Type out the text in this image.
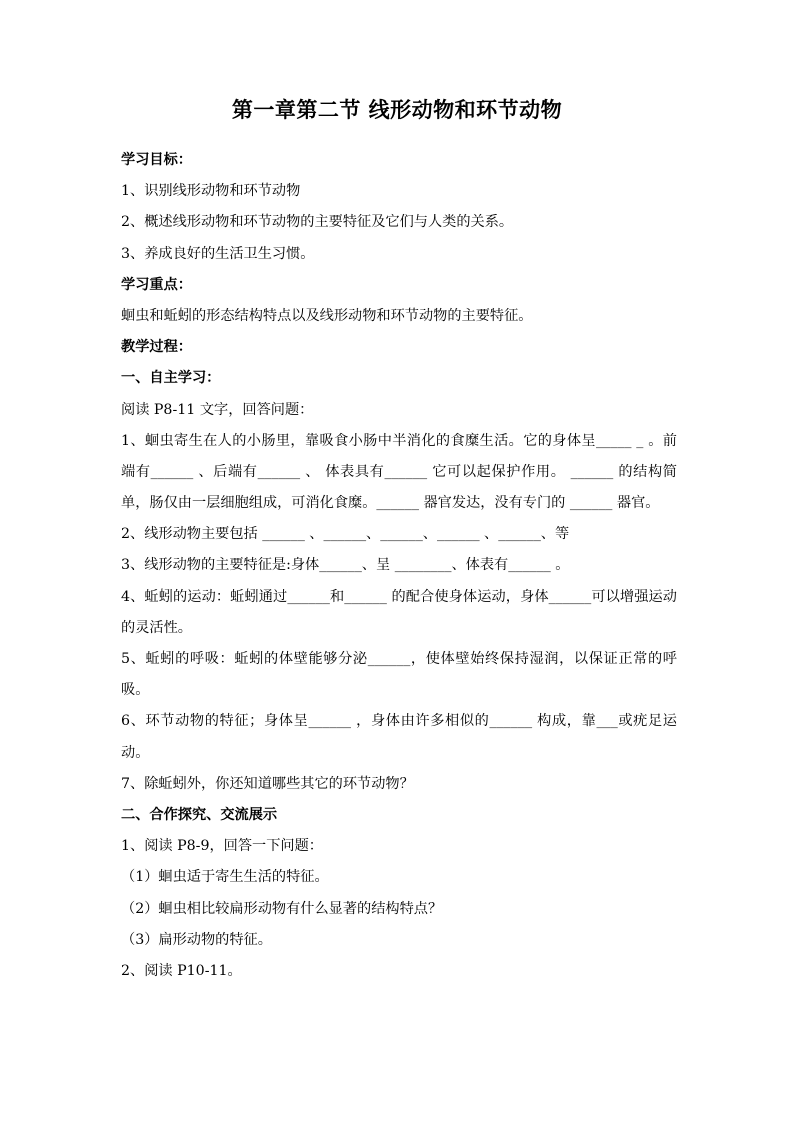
第一章第二节 线形动物和环节动物
学习目标：
1、识别线形动物和环节动物
2、概述线形动物和环节动物的主要特征及它们与人类的关系。
3、养成良好的生活卫生习惯。
学习重点：
蛔虫和蚯蚓的形态结构特点以及线形动物和环节动物的主要特征。
教学过程：
一、自主学习：
阅读 P8-11 文字，回答问题：
1、蛔虫寄生在人的小肠里，靠吸食小肠中半消化的食糜生活。它的身体呈_____ _ 。前端有______ 、后端有______ 、 体表具有______ 它可以起保护作用。 ______ 的结构简单，肠仅由一层细胞组成，可消化食糜。______ 器官发达，没有专门的 ______ 器官。
2、线形动物主要包括 ______ 、______、______、______ 、______、等
3、线形动物的主要特征是:身体______、呈 ________、体表有______ 。
4、蚯蚓的运动：蚯蚓通过______和______ 的配合使身体运动，身体______可以增强运动的灵活性。
5、蚯蚓的呼吸：蚯蚓的体壁能够分泌______，使体壁始终保持湿润，以保证正常的呼吸。
6、环节动物的特征；身体呈______ ，身体由许多相似的______ 构成，靠___或疣足运动。
7、除蚯蚓外，你还知道哪些其它的环节动物？
二、合作探究、交流展示
1、阅读 P8-9，回答一下问题：
（1）蛔虫适于寄生生活的特征。
（2）蛔虫相比较扁形动物有什么显著的结构特点？
（3）扁形动物的特征。
2、阅读 P10-11。
